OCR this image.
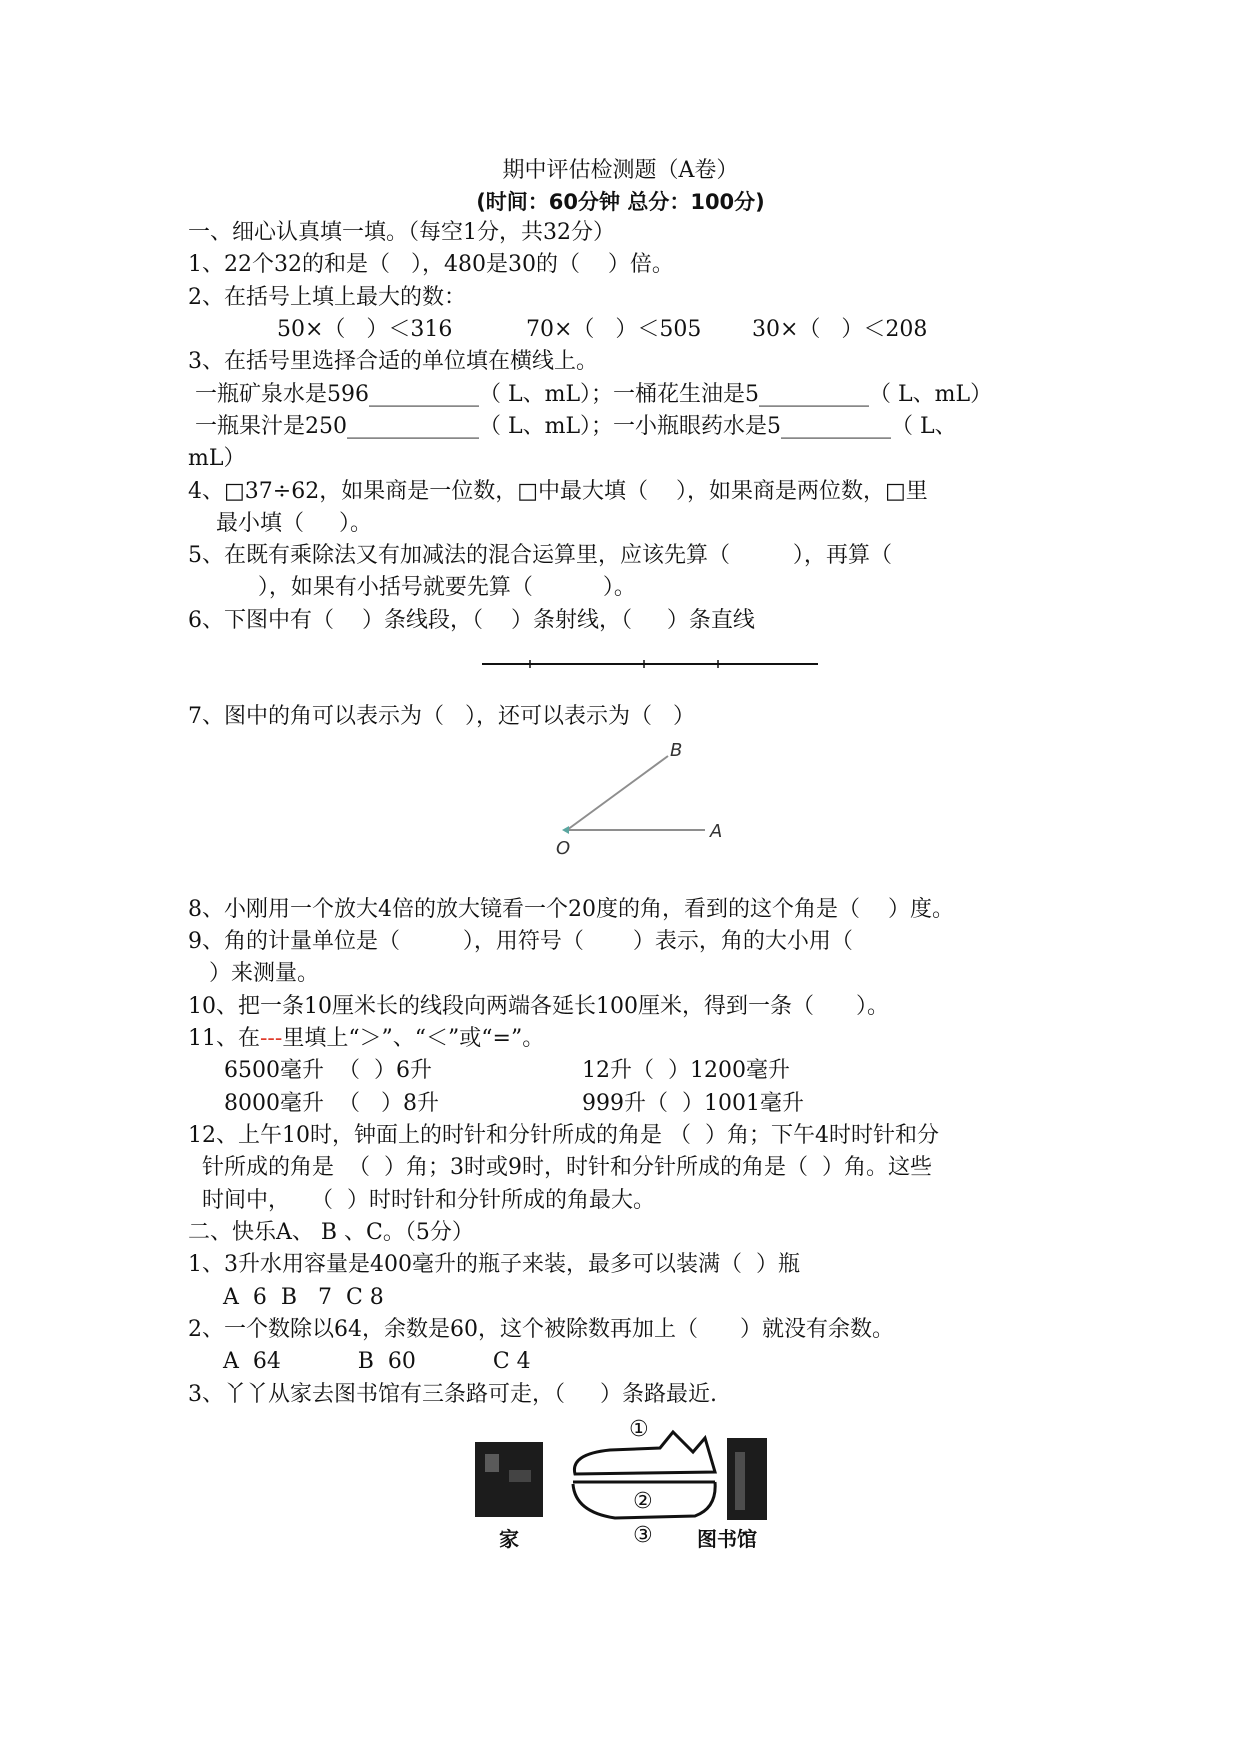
期中评估检测题（A卷）
(时间：60分钟 总分：100分)
一、细心认真填一填。（每空1分，共32分）
1、22个32的和是（   ），480是30的（    ）倍。
2、在括号上填上最大的数：
50×（   ）＜316	70×（   ）＜505 30×（   ）＜208
3、在括号里选择合适的单位填在横线上。
一瓶矿泉水是596__________（ L、mL）；一桶花生油是5__________（ L、mL）
一瓶果汁是250____________（ L、mL）；一小瓶眼药水是5__________（ L、
mL）
4、□37÷62，如果商是一位数，□中最大填（    ），如果商是两位数，□里
最小填（     ）。
5、在既有乘除法又有加减法的混合运算里，应该先算（         ），再算（
），如果有小括号就要先算（          ）。
6、下图中有（    ）条线段，（    ）条射线，（     ）条直线
7、图中的角可以表示为（   ），还可以表示为（   ）
B
O
A
8、小刚用一个放大4倍的放大镜看一个20度的角，看到的这个角是（    ）度。
9、角的计量单位是（         ），用符号（       ）表示，角的大小用（
）来测量。
10、把一条10厘米长的线段向两端各延长100厘米，得到一条（      ）。
11、在---里填上“＞”、“＜”或“=”。
6500毫升  （  ）6升	12升（  ）1200毫升
8000毫升  （   ）8升	999升（  ）1001毫升
12、上午10时，钟面上的时针和分针所成的角是 （  ）角；下午4时时针和分
针所成的角是  （  ）角；3时或9时，时针和分针所成的角是（  ）角。这些
时间中，   （  ）时时针和分针所成的角最大。
二、快乐A、 B 、C。（5分）
1、3升水用容量是400毫升的瓶子来装，最多可以装满（  ）瓶
A  6  B   7  C 8
2、一个数除以64，余数是60，这个被除数再加上（      ）就没有余数。
A  64           B  60           C 4
3、丫丫从家去图书馆有三条路可走，（     ）条路最近.
①
②
③
家	图书馆
